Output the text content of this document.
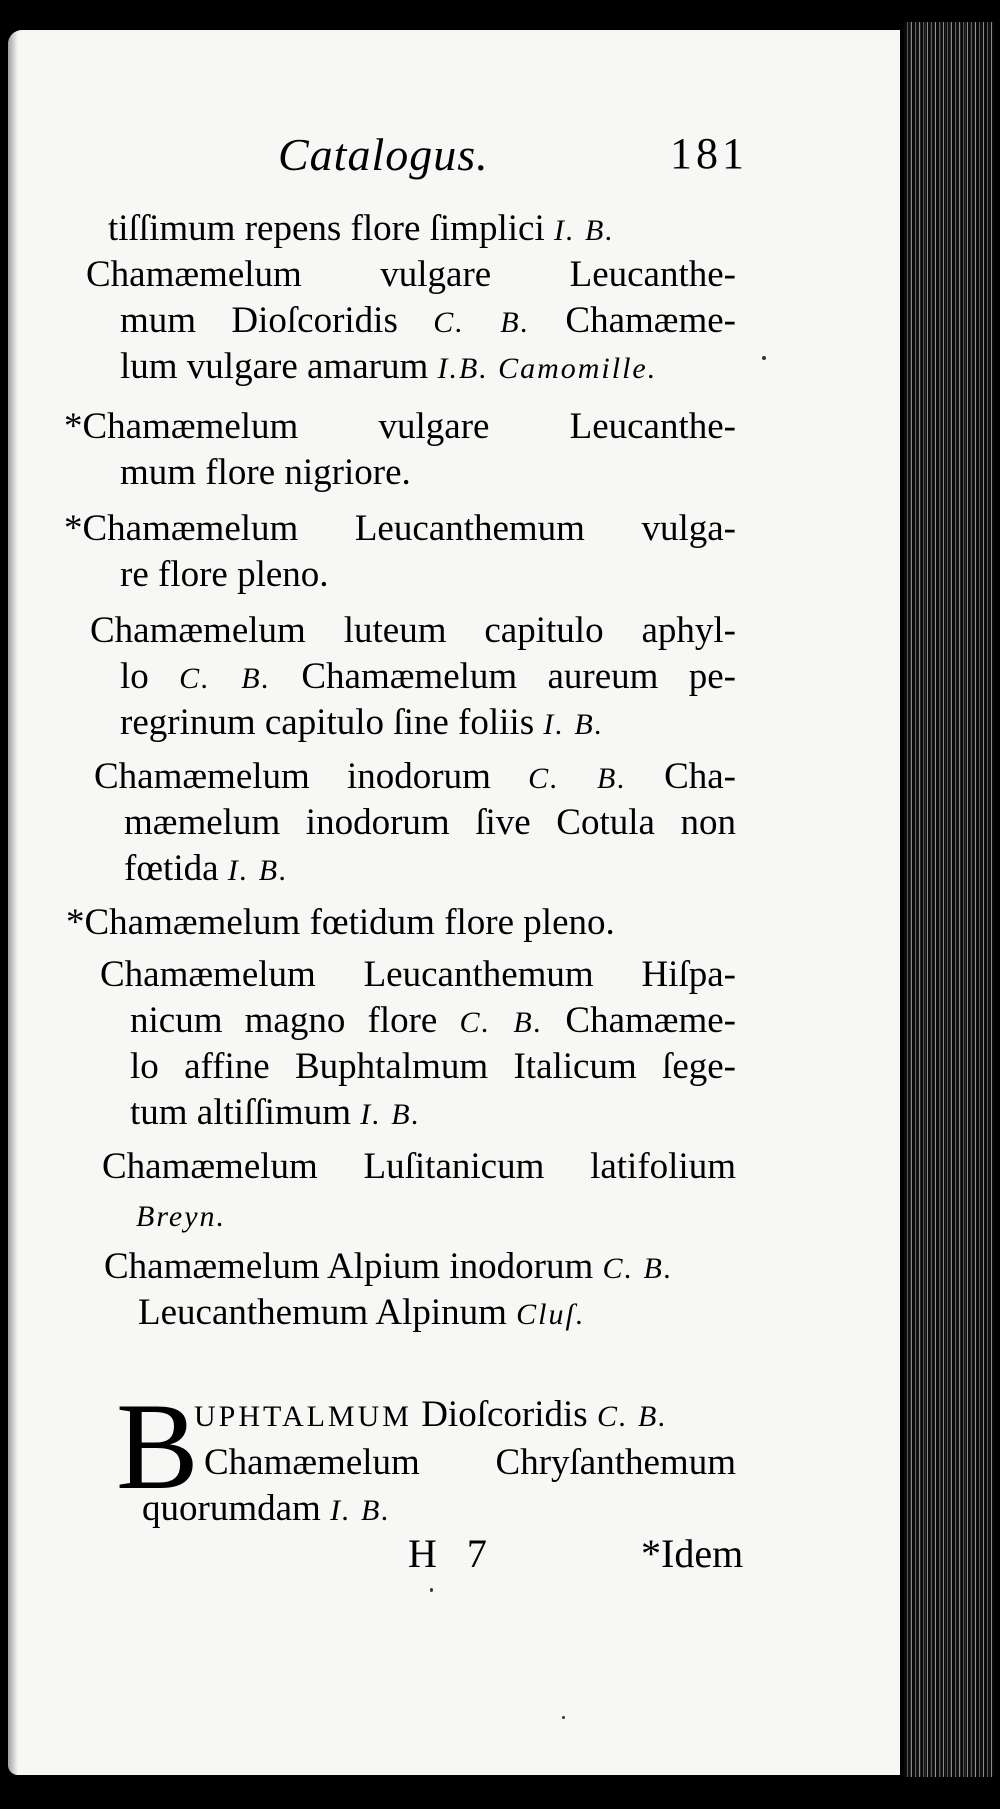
Catalogus.	181
tiſſimum repens flore ſimplici I. B.
Chamæmelum vulgare Leucanthe-
mum Dioſcoridis C. B. Chamæme-
lum vulgare amarum I.B. Camomille.
*Chamæmelum vulgare Leucanthe-
mum flore nigriore.
*Chamæmelum Leucanthemum vulga-
re flore pleno.
Chamæmelum luteum capitulo aphyl-
lo C. B. Chamæmelum aureum pe-
regrinum capitulo ſine foliis I. B.
Chamæmelum inodorum C. B. Cha-
mæmelum inodorum ſive Cotula non
fœtida I. B.
*Chamæmelum fœtidum flore pleno.
Chamæmelum Leucanthemum Hiſpa-
nicum magno flore C. B. Chamæme-
lo affine Buphtalmum Italicum ſege-
tum altiſſimum I. B.
Chamæmelum Luſitanicum latifolium
Breyn.
Chamæmelum Alpium inodorum C. B.
Leucanthemum Alpinum Cluſ.
B
UPHTALMUM Dioſcoridis C. B.
Chamæmelum Chryſanthemum
quorumdam I. B.
H 7	*Idem
